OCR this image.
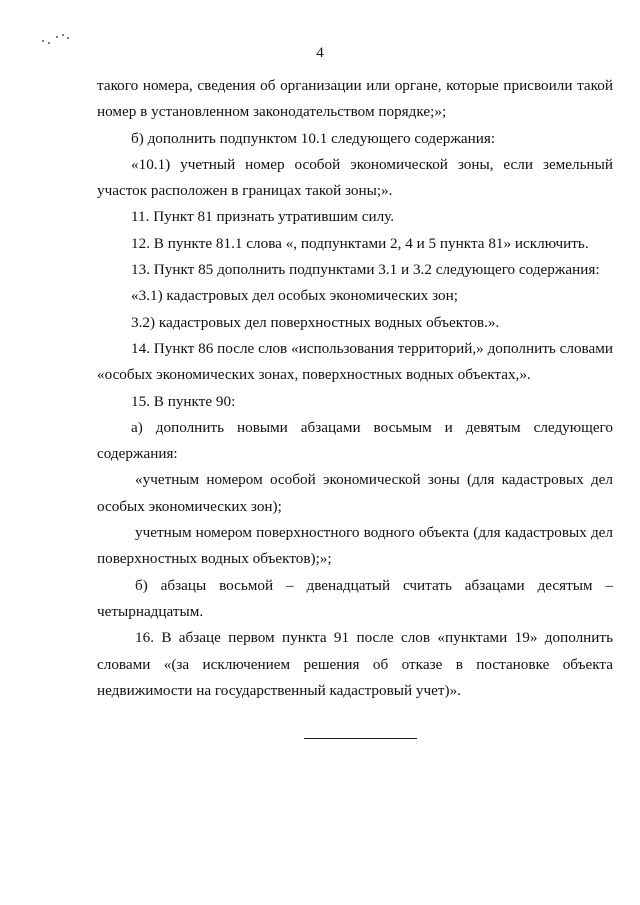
4
такого номера, сведения об организации или органе, которые присвоили такой
номер в установленном законодательством порядке;»;
б) дополнить подпунктом 10.1 следующего содержания:
«10.1) учетный номер особой экономической зоны, если земельный
участок расположен в границах такой зоны;».
11. Пункт 81 признать утратившим силу.
12. В пункте 81.1 слова «, подпунктами 2, 4 и 5 пункта 81» исключить.
13. Пункт 85 дополнить подпунктами 3.1 и 3.2 следующего содержания:
«3.1) кадастровых дел особых экономических зон;
3.2) кадастровых дел поверхностных водных объектов.».
14. Пункт 86 после слов «использования территорий,» дополнить словами
«особых экономических зонах, поверхностных водных объектах,».
15. В пункте 90:
а) дополнить новыми абзацами восьмым и девятым следующего
содержания:
«учетным номером особой экономической зоны (для кадастровых дел
особых экономических зон);
учетным номером поверхностного водного объекта (для кадастровых дел
поверхностных водных объектов);»;
б) абзацы восьмой – двенадцатый считать абзацами десятым –
четырнадцатым.
16. В абзаце первом пункта 91 после слов «пунктами 19» дополнить
словами «(за исключением решения об отказе в постановке объекта
недвижимости на государственный кадастровый учет)».
